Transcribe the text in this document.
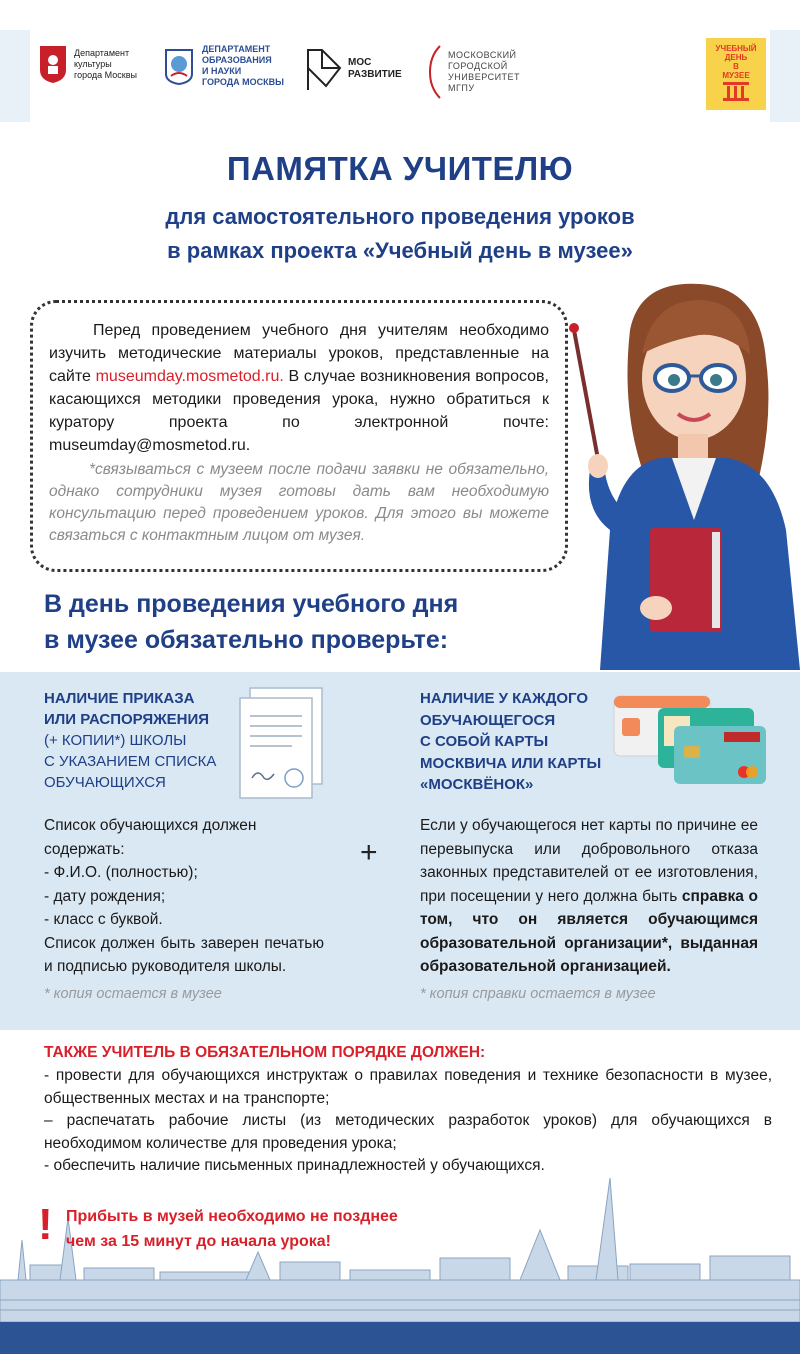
Департамент
культуры
города Москвы
ДЕПАРТАМЕНТ
ОБРАЗОВАНИЯ
И НАУКИ
ГОРОДА МОСКВЫ
МОС
РАЗВИТИЕ
МОСКОВСКИЙ
ГОРОДСКОЙ
УНИВЕРСИТЕТ
МГПУ
УЧЕБНЫЙ
ДЕНЬ
В
МУЗЕЕ
ПАМЯТКА УЧИТЕЛЮ
для самостоятельного проведения уроков
в рамках проекта «Учебный день в музее»

Перед проведением учебного дня учителям необходимо изучить методические материалы уроков, представленные на сайте museumday.mosmetod.ru. В случае возникновения вопросов, касающихся методики проведения урока, нужно обратиться к куратору проекта по электронной почте: museumday@mosmetod.ru.

*связываться с музеем после подачи заявки не обязательно, однако сотрудники музея готовы дать вам необходимую консультацию перед проведением уроков. Для этого вы можете связаться с контактным лицом от музея.

В день проведения учебного дня
в музее обязательно проверьте:
НАЛИЧИЕ ПРИКАЗА
ИЛИ РАСПОРЯЖЕНИЯ
(+ КОПИИ*) ШКОЛЫ
С УКАЗАНИЕМ СПИСКА
ОБУЧАЮЩИХСЯ
НАЛИЧИЕ У КАЖДОГО
ОБУЧАЮЩЕГОСЯ
С СОБОЙ КАРТЫ
МОСКВИЧА ИЛИ КАРТЫ
«МОСКВЁНОК»
+
Список обучающихся должен содержать:
- Ф.И.О. (полностью);
- дату рождения;
- класс с буквой.
Список должен быть заверен печатью и подписью руководителя школы.
* копия остается в музее
Если у обучающегося нет карты по причине ее перевыпуска или добровольного отказа законных представителей от ее изготовления, при посещении у него должна быть справка о том, что он является обучающимся образовательной организации*, выданная образовательной организацией.
* копия справки остается в музее
ТАКЖЕ УЧИТЕЛЬ В ОБЯЗАТЕЛЬНОМ ПОРЯДКЕ ДОЛЖЕН:
- провести для обучающихся инструктаж о правилах поведения и технике безопасности в музее, общественных местах и на транспорте;
– распечатать рабочие листы (из методических разработок уроков) для обучающихся в необходимом количестве для проведения урока;
- обеспечить наличие письменных принадлежностей у обучающихся.
! Прибыть в музей необходимо не позднее
чем за 15 минут до начала урока!
